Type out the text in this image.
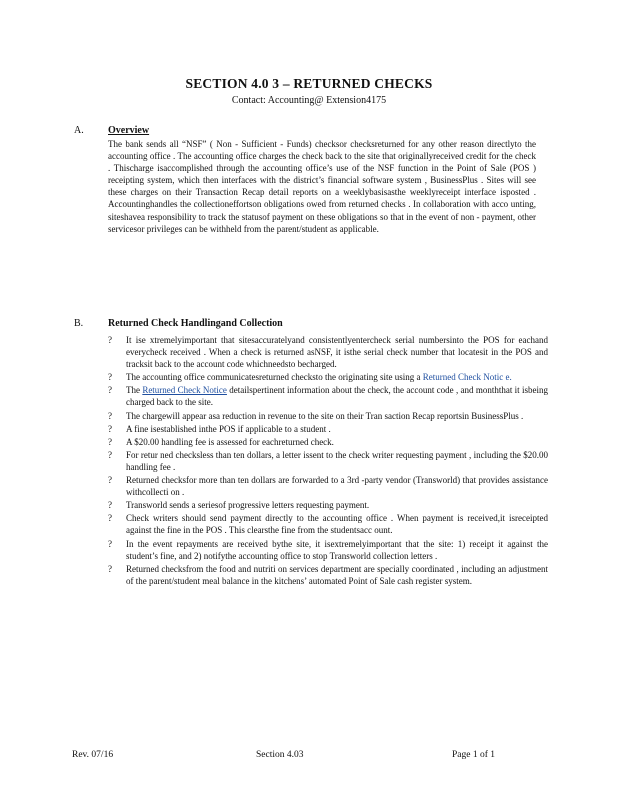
SECTION 4.0 3 – RETURNED CHECKS
Contact: Accounting@ Extension4175
A. Overview

The bank sends all “NSF” ( Non - Sufficient - Funds) checksor checksreturned for any other reason directlyto the accounting office . The accounting office charges the check back to the site that originallyreceived credit for the check . Thischarge isaccomplished through the accounting office’s use of the NSF function in the Point of Sale (POS ) receipting system, which then interfaces with the district’s financial software system , BusinessPlus . Sites will see these charges on their Transaction Recap detail reports on a weeklybasisasthe weeklyreceipt interface isposted . Accountinghandles the collectioneffortson obligations owed from returned checks . In collaboration with acco unting, siteshavea responsibility to track the statusof payment on these obligations so that in the event of non - payment, other servicesor privileges can be withheld from the parent/student as applicable.

B. Returned Check Handlingand Collection
?	It ise xtremelyimportant that sitesaccuratelyand consistentlyentercheck serial numbersinto the POS for eachand everycheck received . When a check is returned asNSF, it isthe serial check number that locatesit in the POS and tracksit back to the account code whichneedsto becharged.
?	The accounting office communicatesreturned checksto the originating site using a Returned Check Notic e.
?	The Returned Check Notice detailspertinent information about the check, the account code , and monththat it isbeing charged back to the site.
?	The chargewill appear asa reduction in revenue to the site on their Tran saction Recap reportsin BusinessPlus .
?	A fine isestablished inthe POS if applicable to a student .
?	A $20.00 handling fee is assessed for eachreturned check.
?	For retur ned checksless than ten dollars, a letter issent to the check writer requesting payment , including the $20.00 handling fee .
?	Returned checksfor more than ten dollars are forwarded to a 3rd -party vendor (Transworld) that provides assistance withcollecti on .
?	Transworld sends a seriesof progressive letters requesting payment.
?	Check writers should send payment directly to the accounting office . When payment is received,it isreceipted against the fine in the POS . This clearsthe fine from the studentsacc ount.
?	In the event repayments are received bythe site, it isextremelyimportant that the site: 1) receipt it against the student’s fine, and 2) notifythe accounting office to stop Transworld collection letters .
?	Returned checksfrom the food and nutriti on services department are specially coordinated , including an adjustment of the parent/student meal balance in the kitchens’ automated Point of Sale cash register system.
Rev. 07/16	Section 4.03	Page 1 of 1
